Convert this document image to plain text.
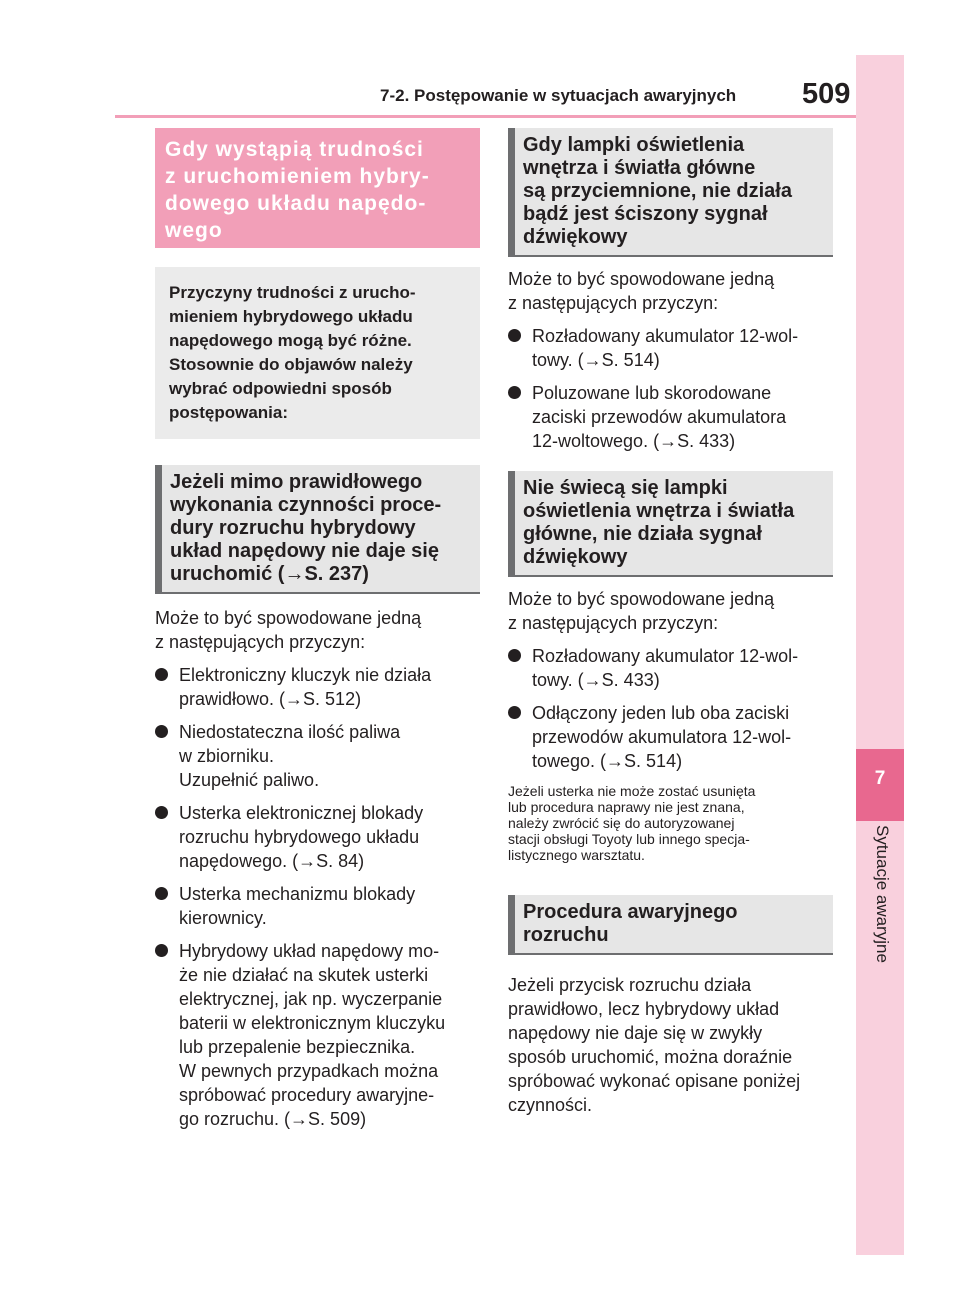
7-2. Postępowanie w sytuacjach awaryjnych 509
7
Sytuacje awaryjne
Gdy wystąpią trudności
z uruchomieniem hybry-
dowego układu napędo-
wego
Przyczyny trudności z urucho-
mieniem hybrydowego układu
napędowego mogą być różne.
Stosownie do objawów należy
wybrać odpowiedni sposób
postępowania:
Jeżeli mimo prawidłowego
wykonania czynności proce-
dury rozruchu hybrydowy
układ napędowy nie daje się
uruchomić (→S. 237)
Może to być spowodowane jedną
z następujących przyczyn:
Elektroniczny kluczyk nie działa
prawidłowo. (→S. 512)
Niedostateczna ilość paliwa
w zbiorniku.
Uzupełnić paliwo.
Usterka elektronicznej blokady
rozruchu hybrydowego układu
napędowego. (→S. 84)
Usterka mechanizmu blokady
kierownicy.
Hybrydowy układ napędowy mo-
że nie działać na skutek usterki
elektrycznej, jak np. wyczerpanie
baterii w elektronicznym kluczyku
lub przepalenie bezpiecznika.
W pewnych przypadkach można
spróbować procedury awaryjne-
go rozruchu. (→S. 509)
Gdy lampki oświetlenia
wnętrza i światła główne
są przyciemnione, nie działa
bądź jest ściszony sygnał
dźwiękowy
Może to być spowodowane jedną
z następujących przyczyn:
Rozładowany akumulator 12-wol-
towy. (→S. 514)
Poluzowane lub skorodowane
zaciski przewodów akumulatora
12-woltowego. (→S. 433)
Nie świecą się lampki
oświetlenia wnętrza i światła
główne, nie działa sygnał
dźwiękowy
Może to być spowodowane jedną
z następujących przyczyn:
Rozładowany akumulator 12-wol-
towy. (→S. 433)
Odłączony jeden lub oba zaciski
przewodów akumulatora 12-wol-
towego. (→S. 514)
Jeżeli usterka nie może zostać usunięta
lub procedura naprawy nie jest znana,
należy zwrócić się do autoryzowanej
stacji obsługi Toyoty lub innego specja-
listycznego warsztatu.
Procedura awaryjnego
rozruchu
Jeżeli przycisk rozruchu działa
prawidłowo, lecz hybrydowy układ
napędowy nie daje się w zwykły
sposób uruchomić, można doraźnie
spróbować wykonać opisane poniżej
czynności.
